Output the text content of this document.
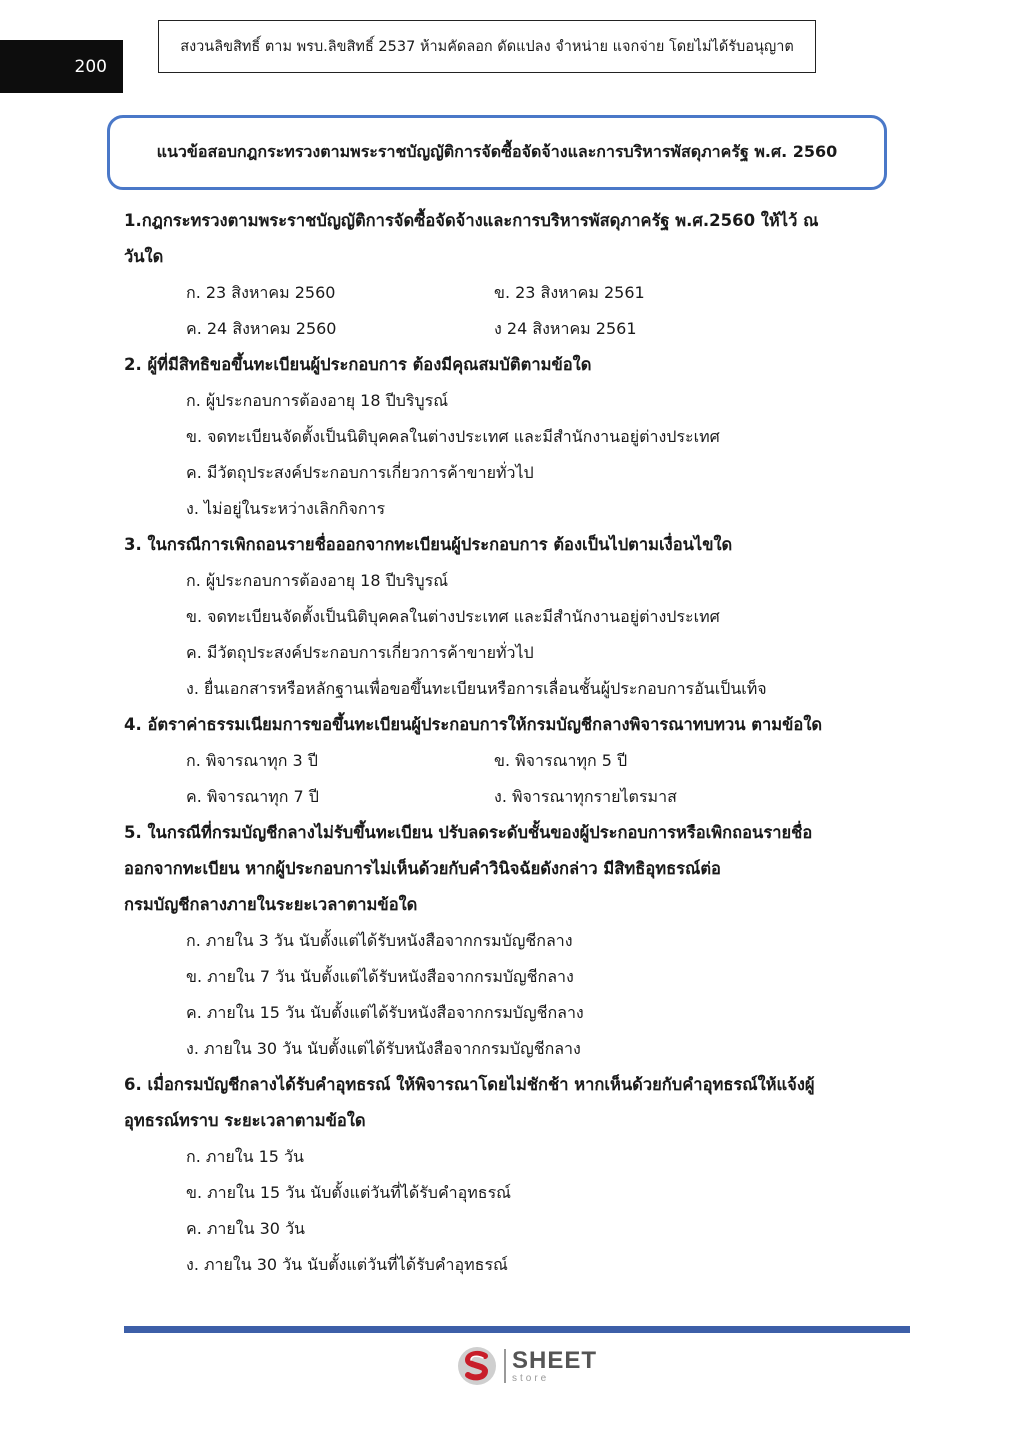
200
สงวนลิขสิทธิ์ ตาม พรบ.ลิขสิทธิ์ 2537 ห้ามคัดลอก ดัดแปลง จำหน่าย แจกจ่าย โดยไม่ได้รับอนุญาต
แนวข้อสอบกฎกระทรวงตามพระราชบัญญัติการจัดซื้อจัดจ้างและการบริหารพัสดุภาครัฐ พ.ศ. 2560
1.กฎกระทรวงตามพระราชบัญญัติการจัดซื้อจัดจ้างและการบริหารพัสดุภาครัฐ พ.ศ.2560 ให้ไว้ ณ
วันใด
ก. 23 สิงหาคม 2560	ข. 23 สิงหาคม 2561
ค. 24 สิงหาคม 2560	ง 24 สิงหาคม 2561
2. ผู้ที่มีสิทธิขอขึ้นทะเบียนผู้ประกอบการ ต้องมีคุณสมบัติตามข้อใด
ก. ผู้ประกอบการต้องอายุ 18 ปีบริบูรณ์
ข. จดทะเบียนจัดตั้งเป็นนิติบุคคลในต่างประเทศ และมีสำนักงานอยู่ต่างประเทศ
ค. มีวัตถุประสงค์ประกอบการเกี่ยวการค้าขายทั่วไป
ง. ไม่อยู่ในระหว่างเลิกกิจการ
3. ในกรณีการเพิกถอนรายชื่อออกจากทะเบียนผู้ประกอบการ ต้องเป็นไปตามเงื่อนไขใด
ก. ผู้ประกอบการต้องอายุ 18 ปีบริบูรณ์
ข. จดทะเบียนจัดตั้งเป็นนิติบุคคลในต่างประเทศ และมีสำนักงานอยู่ต่างประเทศ
ค. มีวัตถุประสงค์ประกอบการเกี่ยวการค้าขายทั่วไป
ง. ยื่นเอกสารหรือหลักฐานเพื่อขอขึ้นทะเบียนหรือการเลื่อนชั้นผู้ประกอบการอันเป็นเท็จ
4. อัตราค่าธรรมเนียมการขอขึ้นทะเบียนผู้ประกอบการให้กรมบัญชีกลางพิจารณาทบทวน ตามข้อใด
ก. พิจารณาทุก 3 ปี	ข. พิจารณาทุก 5 ปี
ค. พิจารณาทุก 7 ปี	ง. พิจารณาทุกรายไตรมาส
5. ในกรณีที่กรมบัญชีกลางไม่รับขึ้นทะเบียน ปรับลดระดับชั้นของผู้ประกอบการหรือเพิกถอนรายชื่อ
ออกจากทะเบียน หากผู้ประกอบการไม่เห็นด้วยกับคำวินิจฉัยดังกล่าว มีสิทธิอุทธรณ์ต่อ
กรมบัญชีกลางภายในระยะเวลาตามข้อใด
ก. ภายใน 3 วัน นับตั้งแต่ได้รับหนังสือจากกรมบัญชีกลาง
ข. ภายใน 7 วัน นับตั้งแต่ได้รับหนังสือจากกรมบัญชีกลาง
ค. ภายใน 15 วัน นับตั้งแต่ได้รับหนังสือจากกรมบัญชีกลาง
ง. ภายใน 30 วัน นับตั้งแต่ได้รับหนังสือจากกรมบัญชีกลาง
6. เมื่อกรมบัญชีกลางได้รับคำอุทธรณ์ ให้พิจารณาโดยไม่ชักช้า หากเห็นด้วยกับคำอุทธรณ์ให้แจ้งผู้
อุทธรณ์ทราบ ระยะเวลาตามข้อใด
ก. ภายใน 15 วัน
ข. ภายใน 15 วัน นับตั้งแต่วันที่ได้รับคำอุทธรณ์
ค. ภายใน 30 วัน
ง. ภายใน 30 วัน นับตั้งแต่วันที่ได้รับคำอุทธรณ์
SHEET
store
